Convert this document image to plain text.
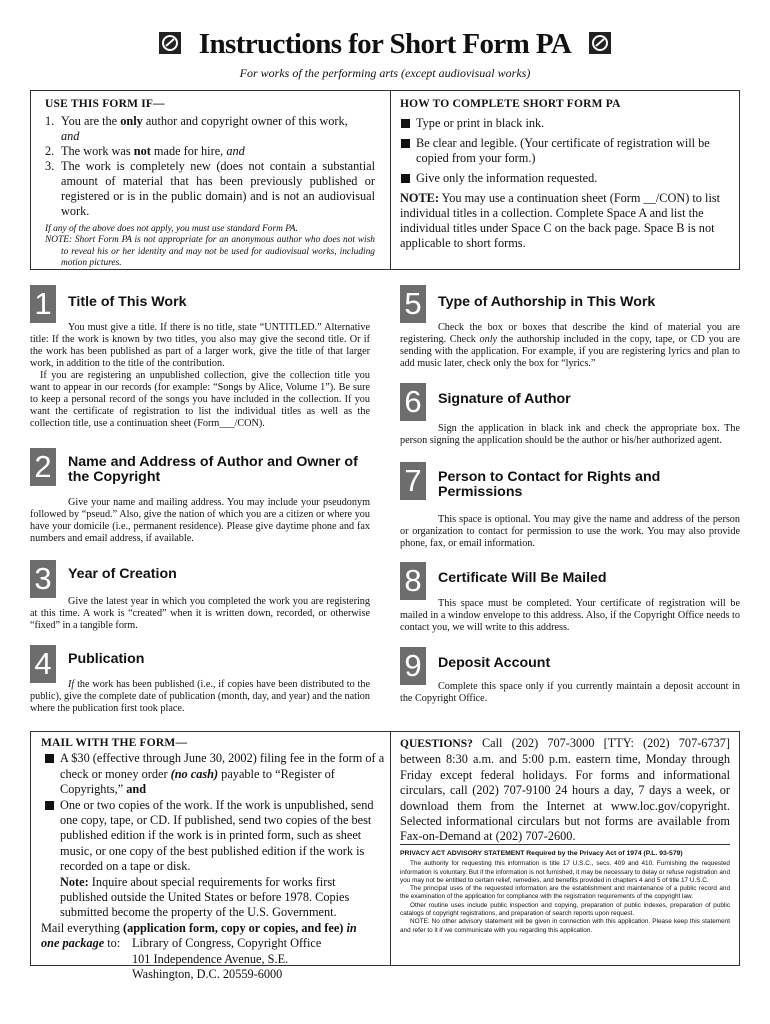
Instructions for Short Form PA
For works of the performing arts (except audiovisual works)
USE THIS FORM IF—
1. You are the only author and copyright owner of this work,
and
2. The work was not made for hire, and
3. The work is completely new (does not contain a substantial amount of material that has been previously published or registered or is in the public domain) and is not an audiovisual work.
If any of the above does not apply, you must use standard Form PA.
NOTE: Short Form PA is not appropriate for an anonymous author who does not wish to reveal his or her identity and may not be used for audiovisual works, including motion pictures.
HOW TO COMPLETE SHORT FORM PA
Type or print in black ink.
Be clear and legible. (Your certificate of registration will be copied from your form.)
Give only the information requested.
NOTE: You may use a continuation sheet (Form __/CON) to list individual titles in a collection. Complete Space A and list the individual titles under Space C on the back page. Space B is not applicable to short forms.
1	Title of This Work

You must give a title. If there is no title, state “UNTITLED.” Alternative title: If the work is known by two titles, you also may give the second title. Or if the work has been published as part of a larger work, give the title of that larger work, in addition to the title of the contribution.

If you are registering an unpublished collection, give the collection title you want to appear in our records (for example: “Songs by Alice, Volume 1”). Be sure to keep a personal record of the songs you have included in the collection. If you want the certificate of registration to list the individual titles as well as the collection title, use a continuation sheet (Form___/CON).

2	Name and Address of Author and Owner of the Copyright

Give your name and mailing address. You may include your pseudonym followed by “pseud.” Also, give the nation of which you are a citizen or where you have your domicile (i.e., permanent residence). Please give daytime phone and fax numbers and email address, if available.

3	Year of Creation

Give the latest year in which you completed the work you are registering at this time. A work is “created” when it is written down, recorded, or otherwise “fixed” in a tangible form.

4	Publication

If the work has been published (i.e., if copies have been distributed to the public), give the complete date of publication (month, day, and year) and the nation where the publication first took place.

5	Type of Authorship in This Work

Check the box or boxes that describe the kind of material you are registering. Check only the authorship included in the copy, tape, or CD you are sending with the application. For example, if you are registering lyrics and plan to add music later, check only the box for “lyrics.”

6	Signature of Author

Sign the application in black ink and check the appropriate box. The person signing the application should be the author or his/her authorized agent.

7	Person to Contact for Rights and Permissions

This space is optional. You may give the name and address of the person or organization to contact for permission to use the work. You may also provide phone, fax, or email information.

8	Certificate Will Be Mailed

This space must be completed. Your certificate of registration will be mailed in a window envelope to this address. Also, if the Copyright Office needs to contact you, we will write to this address.

9	Deposit Account

Complete this space only if you currently maintain a deposit account in the Copyright Office.

MAIL WITH THE FORM—
A $30 (effective through June 30, 2002) filing fee in the form of a check or money order (no cash) payable to “Register of Copyrights,” and
One or two copies of the work. If the work is unpublished, send one copy, tape, or CD. If published, send two copies of the best published edition if the work is in printed form, such as sheet music, or one copy of the best published edition if the work is recorded on a tape or disk.
Note: Inquire about special requirements for works first published outside the United States or before 1978. Copies submitted become the property of the U.S. Government.
Mail everything (application form, copy or copies, and fee) in
one package to: Library of Congress, Copyright Office
101 Independence Avenue, S.E.
Washington, D.C. 20559-6000
QUESTIONS? Call (202) 707-3000 [TTY: (202) 707-6737] between 8:30 a.m. and 5:00 p.m. eastern time, Monday through Friday except federal holidays. For forms and informational circulars, call (202) 707-9100 24 hours a day, 7 days a week, or download them from the Internet at www.loc.gov/copyright. Selected informational circulars but not forms are available from Fax-on-Demand at (202) 707-2600.
PRIVACY ACT ADVISORY STATEMENT Required by the Privacy Act of 1974 (P.L. 93-579)

The authority for requesting this information is title 17 U.S.C., secs. 409 and 410. Furnishing the requested information is voluntary. But if the information is not furnished, it may be necessary to delay or refuse registration and you may not be entitled to certain relief, remedies, and benefits provided in chapters 4 and 5 of title 17 U.S.C.

The principal uses of the requested information are the establishment and maintenance of a public record and the examination of the application for compliance with the registration requirements of the copyright law.

Other routine uses include public inspection and copying, preparation of public indexes, preparation of public catalogs of copyright registrations, and preparation of search reports upon request.

NOTE: No other advisory statement will be given in connection with this application. Please keep this statement and refer to it if we communicate with you regarding this application.
